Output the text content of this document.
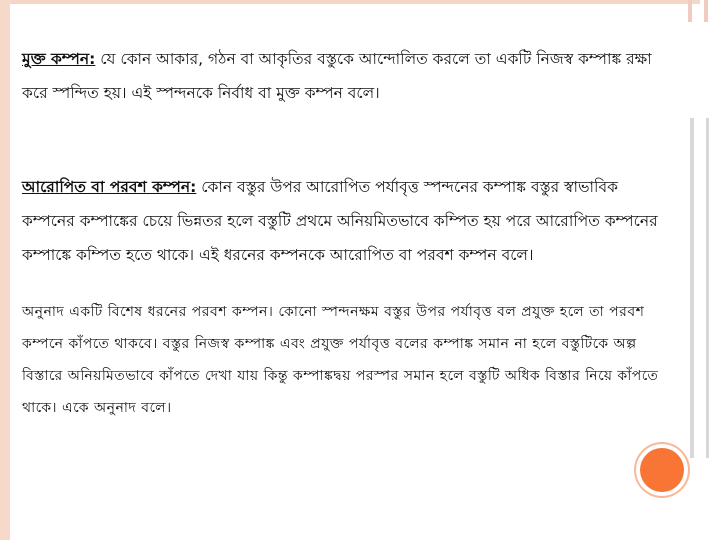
মুক্ত কম্পন: যে কোন আকার, গঠন বা আকৃতির বস্তুকে আন্দোলিত করলে তা একটি নিজস্ব কম্পাঙ্ক রক্ষা করে স্পন্দিত হয়। এই স্পন্দনকে নির্বাধ বা মুক্ত কম্পন বলে।

আরোপিত বা পরবশ কম্পন: কোন বস্তুর উপর আরোপিত পর্যাবৃত্ত স্পন্দনের কম্পাঙ্ক বস্তুর স্বাভাবিক কম্পনের কম্পাঙ্কের চেয়ে ভিন্নতর হলে বস্তুটি প্রথমে অনিয়মিতভাবে কম্পিত হয় পরে আরোপিত কম্পনের কম্পাঙ্কে কম্পিত হতে থাকে। এই ধরনের কম্পনকে আরোপিত বা পরবশ কম্পন বলে।

অনুনাদ একটি বিশেষ ধরনের পরবশ কম্পন। কোনো স্পন্দনক্ষম বস্তুর উপর পর্যাবৃত্ত বল প্রযুক্ত হলে তা পরবশ কম্পনে কাঁপতে থাকবে। বস্তুর নিজস্ব কম্পাঙ্ক এবং প্রযুক্ত পর্যাবৃত্ত বলের কম্পাঙ্ক সমান না হলে বস্তুটিকে অল্প বিস্তারে অনিয়মিতভাবে কাঁপতে দেখা যায় কিন্তু কম্পাঙ্কদ্বয় পরস্পর সমান হলে বস্তুটি অধিক বিস্তার নিয়ে কাঁপতে থাকে। একে অনুনাদ বলে।
